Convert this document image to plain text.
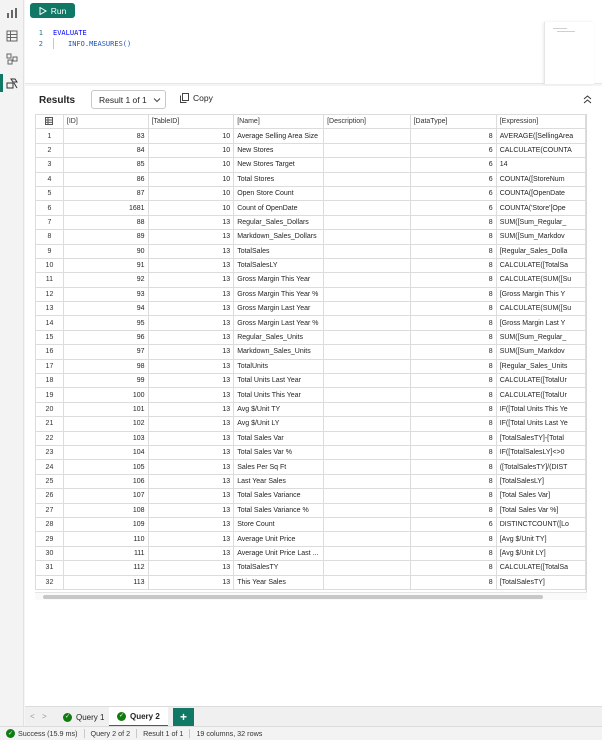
Run
1	EVALUATE
2	INFO.MEASURES()
Results	Result 1 of 1	Copy
	[ID]	[TableID]	[Name]	[Description]	[DataType]	[Expression]
1	83	10	Average Selling Area Size		8	AVERAGE([SellingArea
2	84	10	New Stores		6	CALCULATE(COUNTA
3	85	10	New Stores Target		6	14
4	86	10	Total Stores		6	COUNTA([StoreNum
5	87	10	Open Store Count		6	COUNTA([OpenDate
6	1681	10	Count of OpenDate		6	COUNTA('Store'[Ope
7	88	13	Regular_Sales_Dollars		8	SUM([Sum_Regular_
8	89	13	Markdown_Sales_Dollars		8	SUM([Sum_Markdov
9	90	13	TotalSales		8	[Regular_Sales_Dolla
10	91	13	TotalSalesLY		8	CALCULATE([TotalSa
11	92	13	Gross Margin This Year		8	CALCULATE(SUM([Su
12	93	13	Gross Margin This Year %		8	[Gross Margin This Y
13	94	13	Gross Margin Last Year		8	CALCULATE(SUM([Su
14	95	13	Gross Margin Last Year %		8	[Gross Margin Last Y
15	96	13	Regular_Sales_Units		8	SUM([Sum_Regular_
16	97	13	Markdown_Sales_Units		8	SUM([Sum_Markdov
17	98	13	TotalUnits		8	[Regular_Sales_Units
18	99	13	Total Units Last Year		8	CALCULATE([TotalUr
19	100	13	Total Units This Year		8	CALCULATE([TotalUr
20	101	13	Avg $/Unit TY		8	IF([Total Units This Ye
21	102	13	Avg $/Unit LY		8	IF([Total Units Last Ye
22	103	13	Total Sales Var		8	[TotalSalesTY]-[Total
23	104	13	Total Sales Var %		8	IF([TotalSalesLY]<>0
24	105	13	Sales Per Sq Ft		8	([TotalSalesTY]/(DIST
25	106	13	Last Year Sales		8	[TotalSalesLY]
26	107	13	Total Sales Variance		8	[Total Sales Var]
27	108	13	Total Sales Variance %		8	[Total Sales Var %]
28	109	13	Store Count		6	DISTINCTCOUNT([Lo
29	110	13	Average Unit Price		8	[Avg $/Unit TY]
30	111	13	Average Unit Price Last ...		8	[Avg $/Unit LY]
31	112	13	TotalSalesTY		8	CALCULATE([TotalSa
32	113	13	This Year Sales		8	[TotalSalesTY]
< >	✓ Query 1	✓ Query 2	+
✓ Success (15.9 ms)	Query 2 of 2	Result 1 of 1	19 columns, 32 rows
